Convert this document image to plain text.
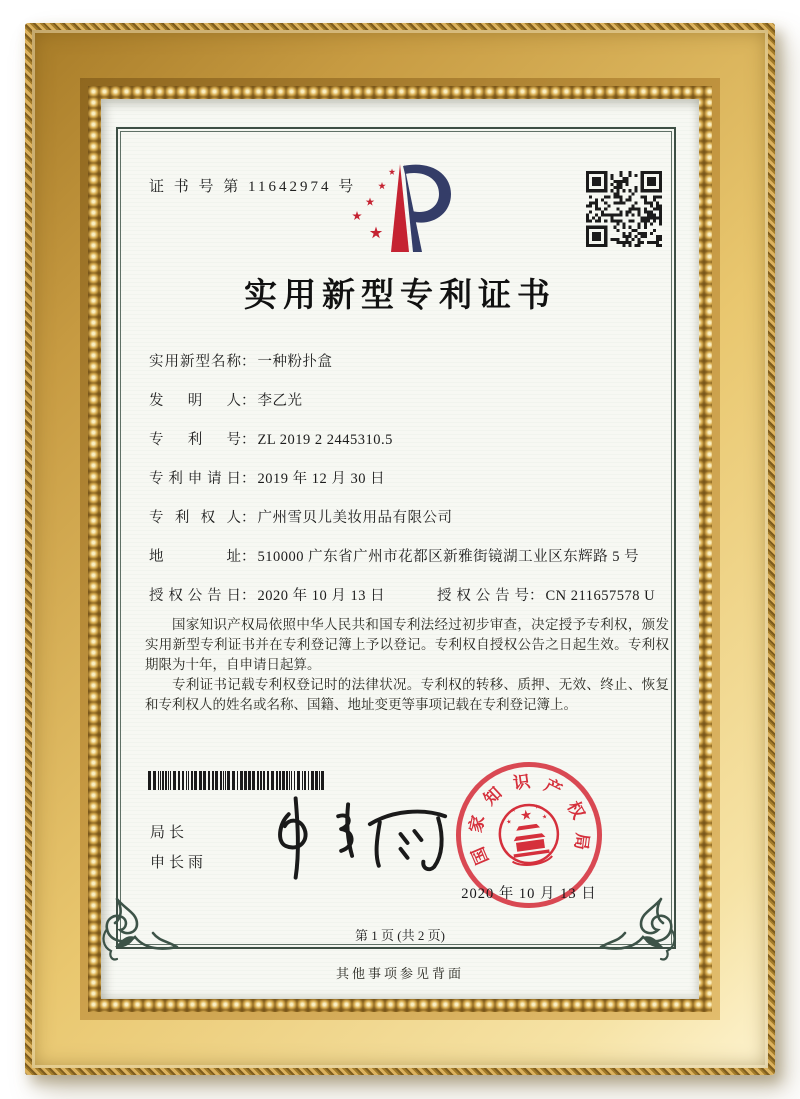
证 书 号 第 11642974 号
实用新型专利证书
实用新型名称： 一种粉扑盒
发明人： 李乙光
专利号： ZL 2019 2 2445310.5
专利申请日： 2019 年 12 月 30 日
专利权人： 广州雪贝儿美妆用品有限公司
地址： 510000 广东省广州市花都区新雅街镜湖工业区东辉路 5 号
授权公告日： 2020 年 10 月 13 日	授权公告号： CN 211657578 U

国家知识产权局依照中华人民共和国专利法经过初步审查，决定授予专利权，颁发实用新型专利证书并在专利登记簿上予以登记。专利权自授权公告之日起生效。专利权期限为十年，自申请日起算。

专利证书记载专利权登记时的法律状况。专利权的转移、质押、无效、终止、恢复和专利权人的姓名或名称、国籍、地址变更等事项记载在专利登记簿上。

局长
申长雨	国
家
知
识 产
权
局
2020 年 10 月 13 日
第 1 页 (共 2 页)
其他事项参见背面
